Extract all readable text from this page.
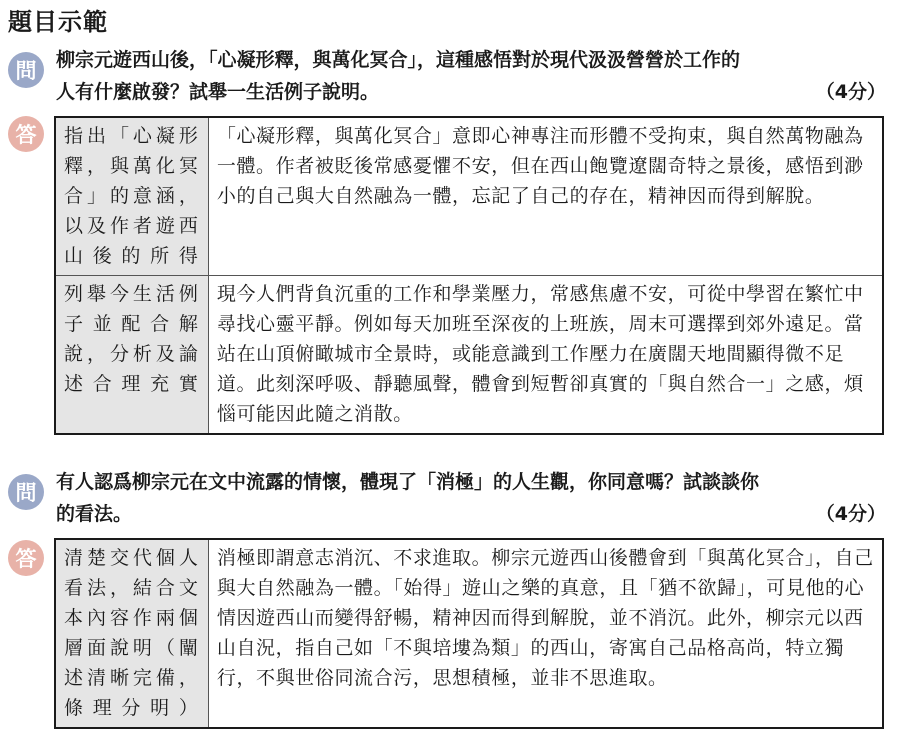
題目示範
問	柳宗元遊西山後，「心凝形釋，與萬化冥合」，這種感悟對於現代汲汲營營於工作的
人有什麼啟發？試舉一生活例子說明。	（4分）
答	指出「心凝形釋，與萬化冥合」的意涵，以及作者遊西山後的所得	「心凝形釋，與萬化冥合」意即心神專注而形體不受拘束，與自然萬物融為一體。作者被貶後常感憂懼不安，但在西山飽覽遼闊奇特之景後，感悟到渺小的自己與大自然融為一體，忘記了自己的存在，精神因而得到解脫。
列舉今生活例子並配合解說，分析及論述合理充實	現今人們背負沉重的工作和學業壓力，常感焦慮不安，可從中學習在繁忙中尋找心靈平靜。例如每天加班至深夜的上班族，周末可選擇到郊外遠足。當站在山頂俯瞰城市全景時，或能意識到工作壓力在廣闊天地間顯得微不足道。此刻深呼吸、靜聽風聲，體會到短暫卻真實的「與自然合一」之感，煩惱可能因此隨之消散。
問	有人認爲柳宗元在文中流露的情懷，體現了「消極」的人生觀，你同意嗎？試談談你
的看法。	（4分）
答	清楚交代個人看法，結合文本內容作兩個層面說明（闡述清晰完備，條理分明）	消極即謂意志消沉、不求進取。柳宗元遊西山後體會到「與萬化冥合」，自己與大自然融為一體。「始得」遊山之樂的真意，且「猶不欲歸」，可見他的心情因遊西山而變得舒暢，精神因而得到解脫，並不消沉。此外，柳宗元以西山自況，指自己如「不與培塿為類」的西山，寄寓自己品格高尚，特立獨行，不與世俗同流合污，思想積極，並非不思進取。
